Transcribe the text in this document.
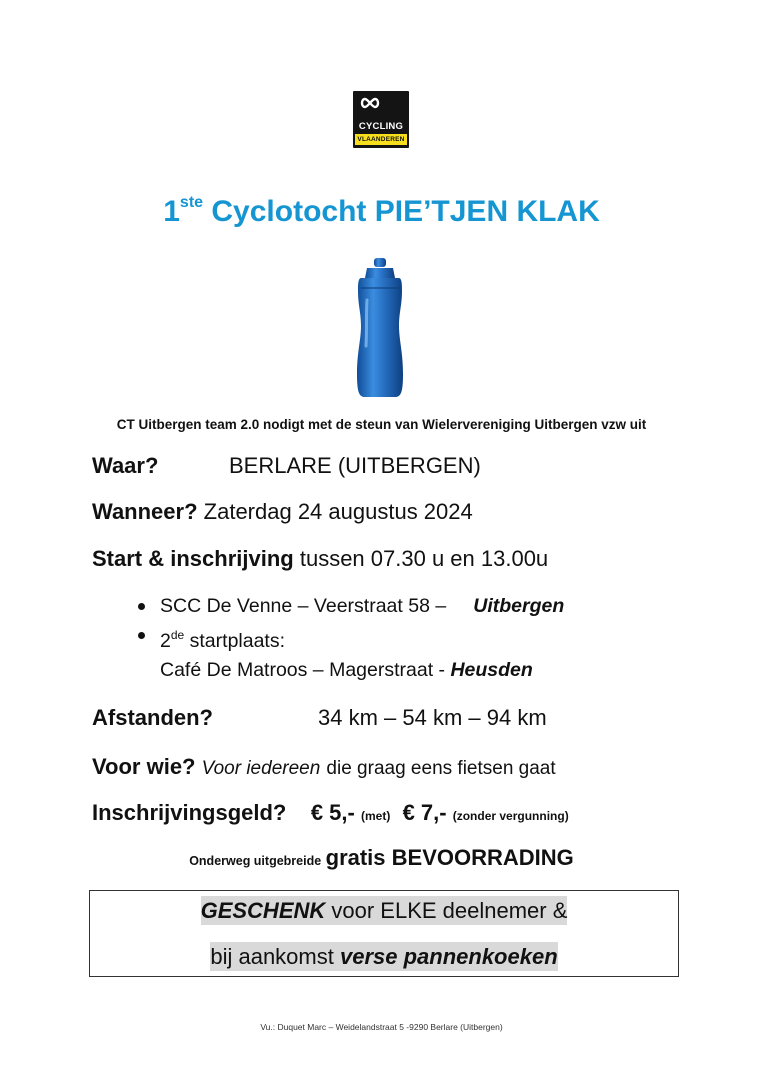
CYCLING
VLAANDEREN
1ste Cyclotocht PIE’TJEN KLAK
CT Uitbergen team 2.0 nodigt met de steun van Wielervereniging Uitbergen vzw uit
Waar?	BERLARE (UITBERGEN)
Wanneer? Zaterdag 24 augustus 2024
Start & inschrijving tussen 07.30 u en 13.00u
SCC De Venne – Veerstraat 58 – Uitbergen
2de startplaats:
Café De Matroos – Magerstraat - Heusden
Afstanden?	34 km – 54 km – 94 km
Voor wie? Voor iedereen die graag eens fietsen gaat
Inschrijvingsgeld? € 5,- (met) € 7,- (zonder vergunning)
Onderweg uitgebreide gratis BEVOORRADING
GESCHENK voor ELKE deelnemer &
bij aankomst verse pannenkoeken
Vu.: Duquet Marc – Weidelandstraat 5 -9290 Berlare (Uitbergen)
